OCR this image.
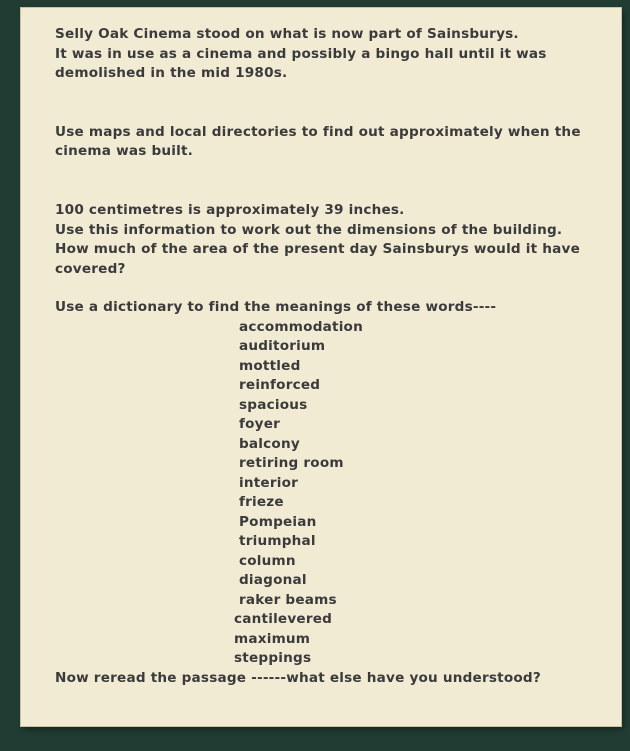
Selly Oak Cinema stood on what is now part of Sainsburys.
It was in use as a cinema and possibly a bingo hall until it was
demolished in the mid 1980s.
Use maps and local directories to find out approximately when the
cinema was built.
100 centimetres is approximately 39 inches.
Use this information to work out the dimensions of the building.
How much of the area of the present day Sainsburys would it have
covered?
Use a dictionary to find the meanings of these words----
accommodation
auditorium
mottled
reinforced
spacious
foyer
balcony
retiring room
interior
frieze
Pompeian
triumphal
column
diagonal
raker beams
cantilevered
maximum
steppings
Now reread the passage ------what else have you understood?
